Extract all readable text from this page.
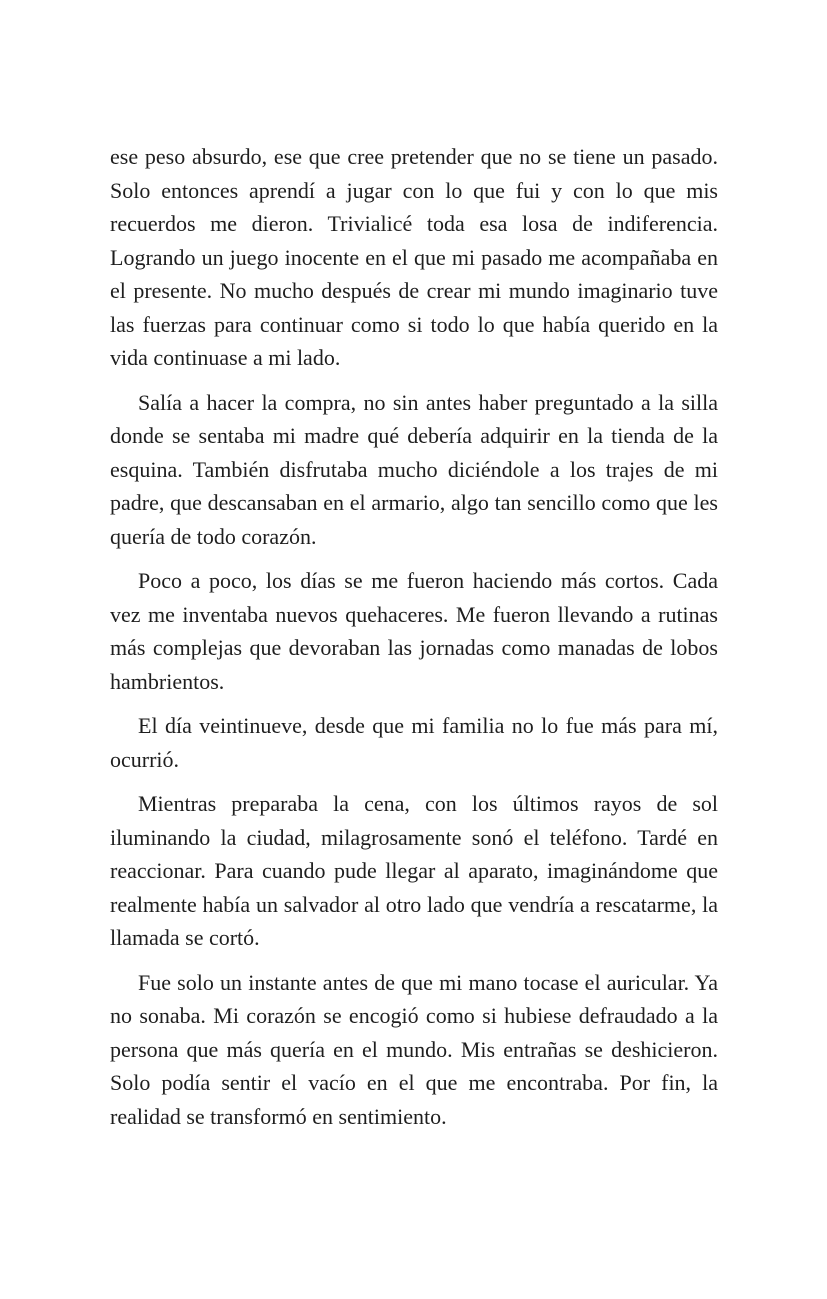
ese peso absurdo, ese que cree pretender que no se tiene un pasado. Solo entonces aprendí a jugar con lo que fui y con lo que mis recuerdos me dieron. Trivialicé toda esa losa de indiferencia. Logrando un juego inocente en el que mi pasado me acompañaba en el presente. No mucho después de crear mi mundo imaginario tuve las fuerzas para continuar como si todo lo que había querido en la vida continuase a mi lado.

Salía a hacer la compra, no sin antes haber preguntado a la silla donde se sentaba mi madre qué debería adquirir en la tienda de la esquina. También disfrutaba mucho diciéndole a los trajes de mi padre, que descansaban en el armario, algo tan sencillo como que les quería de todo corazón.

Poco a poco, los días se me fueron haciendo más cortos. Cada vez me inventaba nuevos quehaceres. Me fueron llevando a rutinas más complejas que devoraban las jornadas como manadas de lobos hambrientos.

El día veintinueve, desde que mi familia no lo fue más para mí, ocurrió.

Mientras preparaba la cena, con los últimos rayos de sol iluminando la ciudad, milagrosamente sonó el teléfono. Tardé en reaccionar. Para cuando pude llegar al aparato, imaginándome que realmente había un salvador al otro lado que vendría a rescatarme, la llamada se cortó.

Fue solo un instante antes de que mi mano tocase el auricular. Ya no sonaba. Mi corazón se encogió como si hubiese defraudado a la persona que más quería en el mundo. Mis entrañas se deshicieron. Solo podía sentir el vacío en el que me encontraba. Por fin, la realidad se transformó en sentimiento.
